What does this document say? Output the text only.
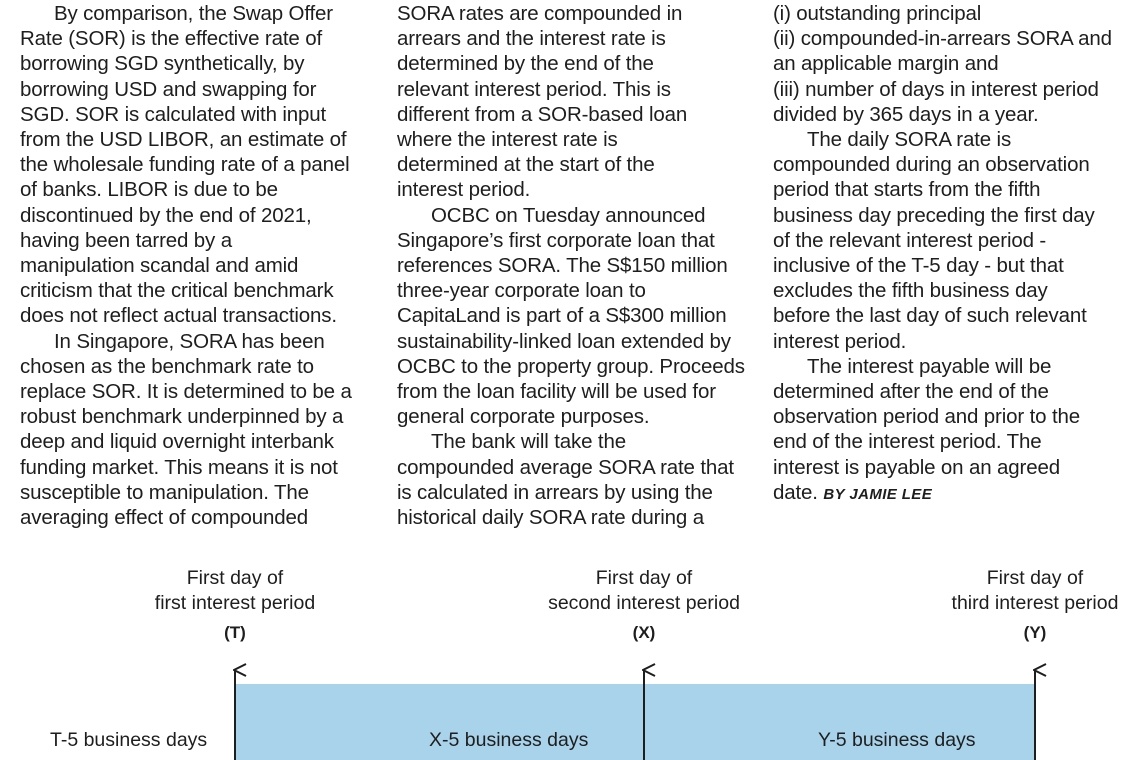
By comparison, the Swap Offer
Rate (SOR) is the effective rate of
borrowing SGD synthetically, by
borrowing USD and swapping for
SGD. SOR is calculated with input
from the USD LIBOR, an estimate of
the wholesale funding rate of a panel
of banks. LIBOR is due to be
discontinued by the end of 2021,
having been tarred by a
manipulation scandal and amid
criticism that the critical benchmark
does not reflect actual transactions.
In Singapore, SORA has been
chosen as the benchmark rate to
replace SOR. It is determined to be a
robust benchmark underpinned by a
deep and liquid overnight interbank
funding market. This means it is not
susceptible to manipulation. The
averaging effect of compounded
SORA rates are compounded in
arrears and the interest rate is
determined by the end of the
relevant interest period. This is
different from a SOR-based loan
where the interest rate is
determined at the start of the
interest period.
OCBC on Tuesday announced
Singapore’s first corporate loan that
references SORA. The S$150 million
three-year corporate loan to
CapitaLand is part of a S$300 million
sustainability-linked loan extended by
OCBC to the property group. Proceeds
from the loan facility will be used for
general corporate purposes.
The bank will take the
compounded average SORA rate that
is calculated in arrears by using the
historical daily SORA rate during a
(i) outstanding principal
(ii) compounded-in-arrears SORA and
an applicable margin and
(iii) number of days in interest period
divided by 365 days in a year.
The daily SORA rate is
compounded during an observation
period that starts from the fifth
business day preceding the first day
of the relevant interest period -
inclusive of the T-5 day - but that
excludes the fifth business day
before the last day of such relevant
interest period.
The interest payable will be
determined after the end of the
observation period and prior to the
end of the interest period. The
interest is payable on an agreed
date. BY JAMIE LEE
First day of
first interest period
(T)
First day of
second interest period
(X)
First day of
third interest period
(Y)
T-5 business days	X-5 business days	Y-5 business days
